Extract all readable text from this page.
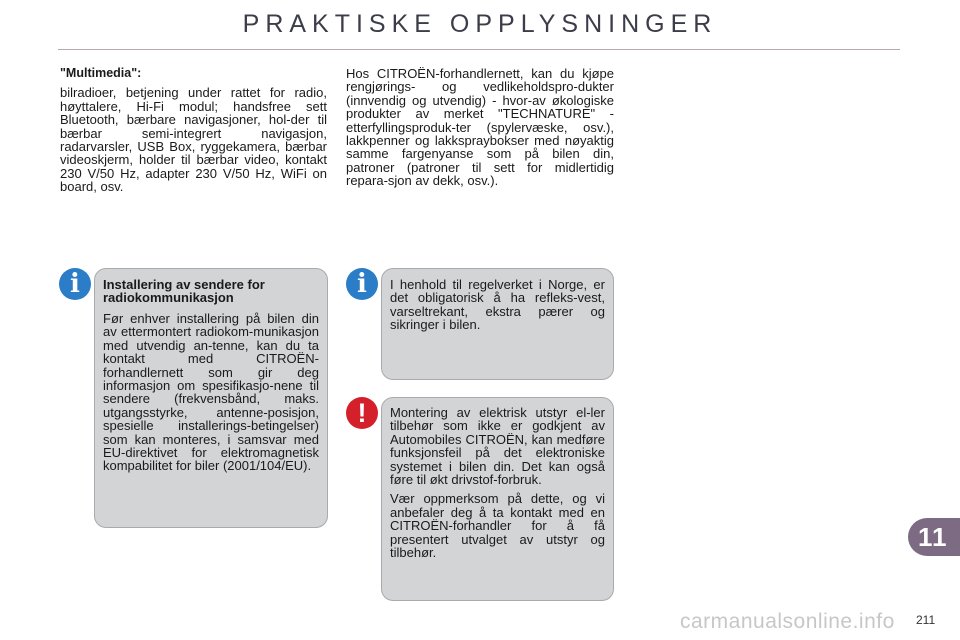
PRAKTISKE OPPLYSNINGER

"Multimedia":

bilradioer, betjening under rattet for radio, høyttalere, Hi-Fi modul; handsfree sett Bluetooth, bærbare navigasjoner, hol-der til bærbar semi-integrert navigasjon, radarvarsler, USB Box, ryggekamera, bærbar videoskjerm, holder til bærbar video, kontakt 230 V/50 Hz, adapter 230 V/50 Hz, WiFi on board, osv.

Hos CITROËN-forhandlernett, kan du kjøpe rengjørings- og vedlikeholdspro-dukter (innvendig og utvendig) - hvor-av økologiske produkter av merket "TECHNATURE" - etterfyllingsproduk-ter (spylervæske, osv.), lakkpenner og lakkspraybokser med nøyaktig samme fargenyanse som på bilen din, patroner (patroner til sett for midlertidig repara-sjon av dekk, osv.).

i	Installering av sendere for radiokommunikasjon

Før enhver installering på bilen din av ettermontert radiokom-munikasjon med utvendig an-tenne, kan du ta kontakt med CITROËN-forhandlernett som gir deg informasjon om spesifikasjo-nene til sendere (frekvensbånd, maks. utgangsstyrke, antenne-posisjon, spesielle installerings-betingelser) som kan monteres, i samsvar med EU-direktivet for elektromagnetisk kompabilitet for biler (2001/104/EU).

i	I henhold til regelverket i Norge, er det obligatorisk å ha refleks-vest, varseltrekant, ekstra pærer og sikringer i bilen.

!	Montering av elektrisk utstyr el-ler tilbehør som ikke er godkjent av Automobiles CITROËN, kan medføre funksjonsfeil på det elektroniske systemet i bilen din. Det kan også føre til økt drivstof-forbruk.

Vær oppmerksom på dette, og vi anbefaler deg å ta kontakt med en CITROËN-forhandler for å få presentert utvalget av utstyr og tilbehør.

11
211
carmanualsonline.info
